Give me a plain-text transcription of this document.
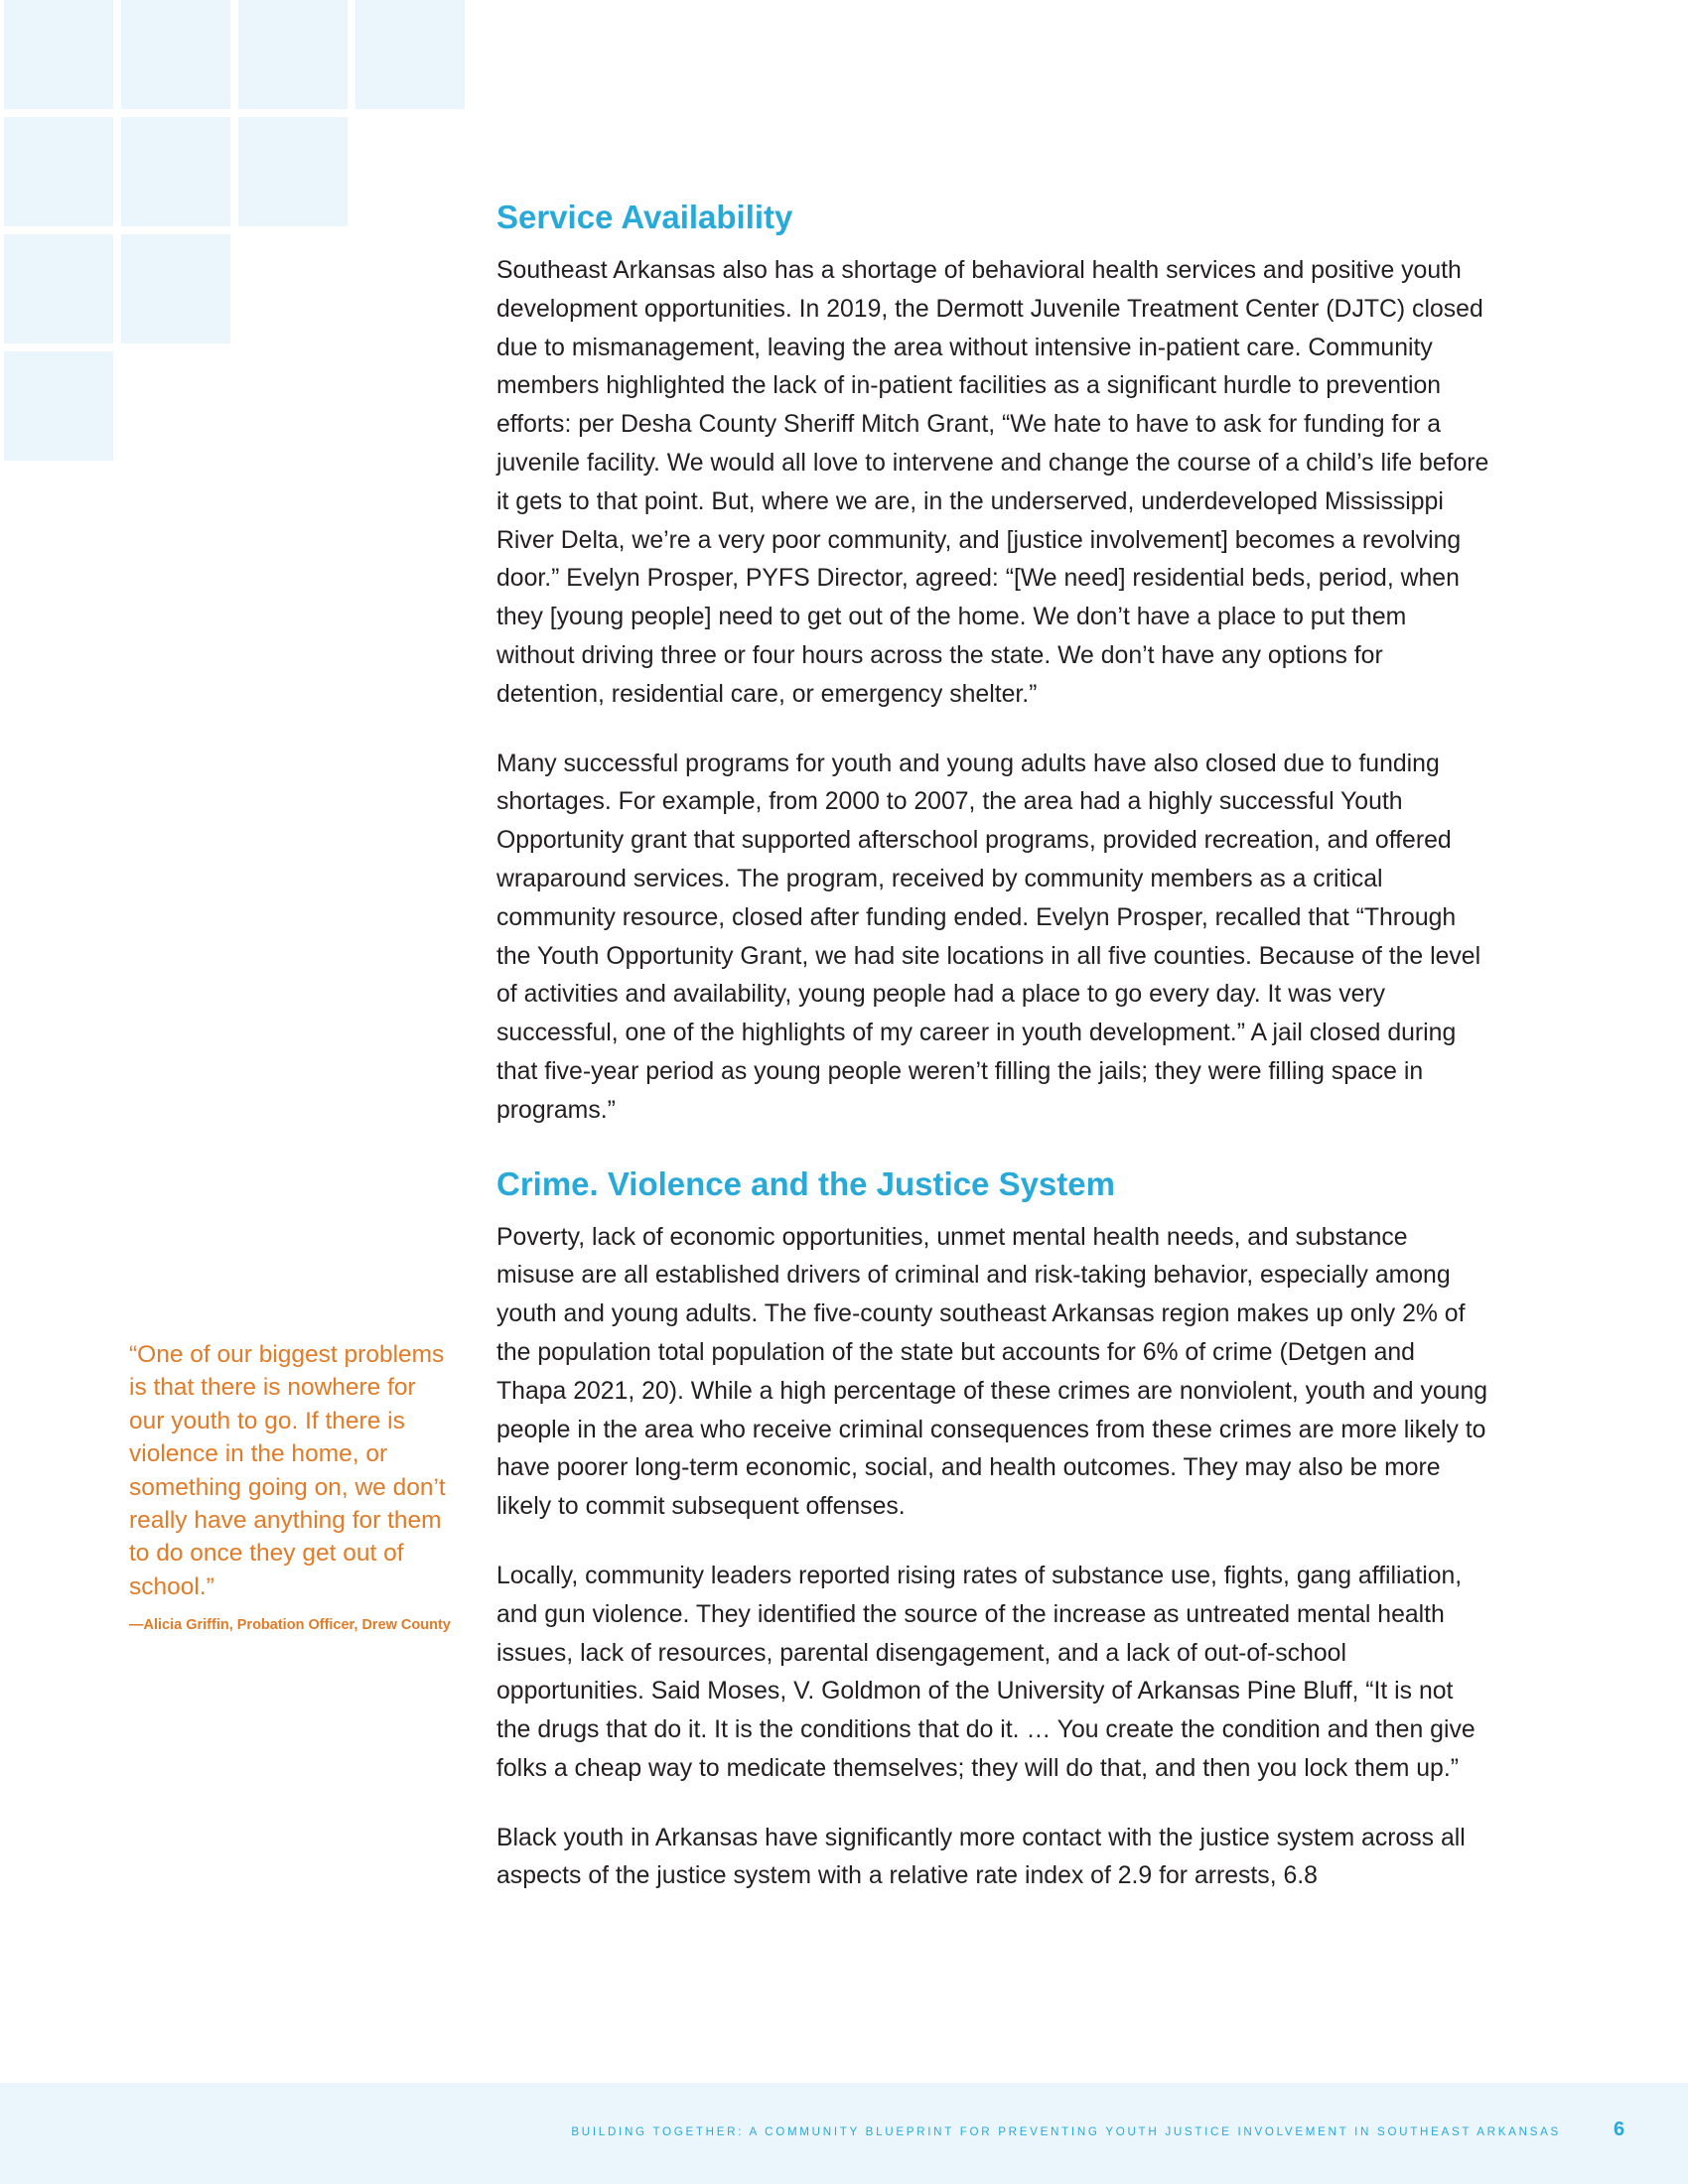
Service Availability

Southeast Arkansas also has a shortage of behavioral health services and positive youth development opportunities. In 2019, the Dermott Juvenile Treatment Center (DJTC) closed due to mismanagement, leaving the area without intensive in-patient care. Community members highlighted the lack of in-patient facilities as a significant hurdle to prevention efforts: per Desha County Sheriff Mitch Grant, “We hate to have to ask for funding for a juvenile facility. We would all love to intervene and change the course of a child’s life before it gets to that point. But, where we are, in the underserved, underdeveloped Mississippi River Delta, we’re a very poor community, and [justice involvement] becomes a revolving door.” Evelyn Prosper, PYFS Director, agreed: “[We need] residential beds, period, when they [young people] need to get out of the home. We don’t have a place to put them without driving three or four hours across the state. We don’t have any options for detention, residential care, or emergency shelter.”

Many successful programs for youth and young adults have also closed due to funding shortages. For example, from 2000 to 2007, the area had a highly successful Youth Opportunity grant that supported afterschool programs, provided recreation, and offered wraparound services. The program, received by community members as a critical community resource, closed after funding ended. Evelyn Prosper, recalled that “Through the Youth Opportunity Grant, we had site locations in all five counties. Because of the level of activities and availability, young people had a place to go every day. It was very successful, one of the highlights of my career in youth development.” A jail closed during that five-year period as young people weren’t filling the jails; they were filling space in programs.”

Crime. Violence and the Justice System

Poverty, lack of economic opportunities, unmet mental health needs, and substance misuse are all established drivers of criminal and risk-taking behavior, especially among youth and young adults. The five-county southeast Arkansas region makes up only 2% of the population total population of the state but accounts for 6% of crime (Detgen and Thapa 2021, 20). While a high percentage of these crimes are nonviolent, youth and young people in the area who receive criminal consequences from these crimes are more likely to have poorer long-term economic, social, and health outcomes. They may also be more likely to commit subsequent offenses.

Locally, community leaders reported rising rates of substance use, fights, gang affiliation, and gun violence. They identified the source of the increase as untreated mental health issues, lack of resources, parental disengagement, and a lack of out-of-school opportunities. Said Moses, V. Goldmon of the University of Arkansas Pine Bluff, “It is not the drugs that do it. It is the conditions that do it. … You create the condition and then give folks a cheap way to medicate themselves; they will do that, and then you lock them up.”

Black youth in Arkansas have significantly more contact with the justice system across all aspects of the justice system with a relative rate index of 2.9 for arrests, 6.8

“One of our biggest problems is that there is nowhere for our youth to go. If there is violence in the home, or something going on, we don’t really have anything for them to do once they get out of school.”

—Alicia Griffin, Probation Officer, Drew County

BUILDING TOGETHER: A COMMUNITY BLUEPRINT FOR PREVENTING YOUTH JUSTICE INVOLVEMENT IN SOUTHEAST ARKANSAS	6
